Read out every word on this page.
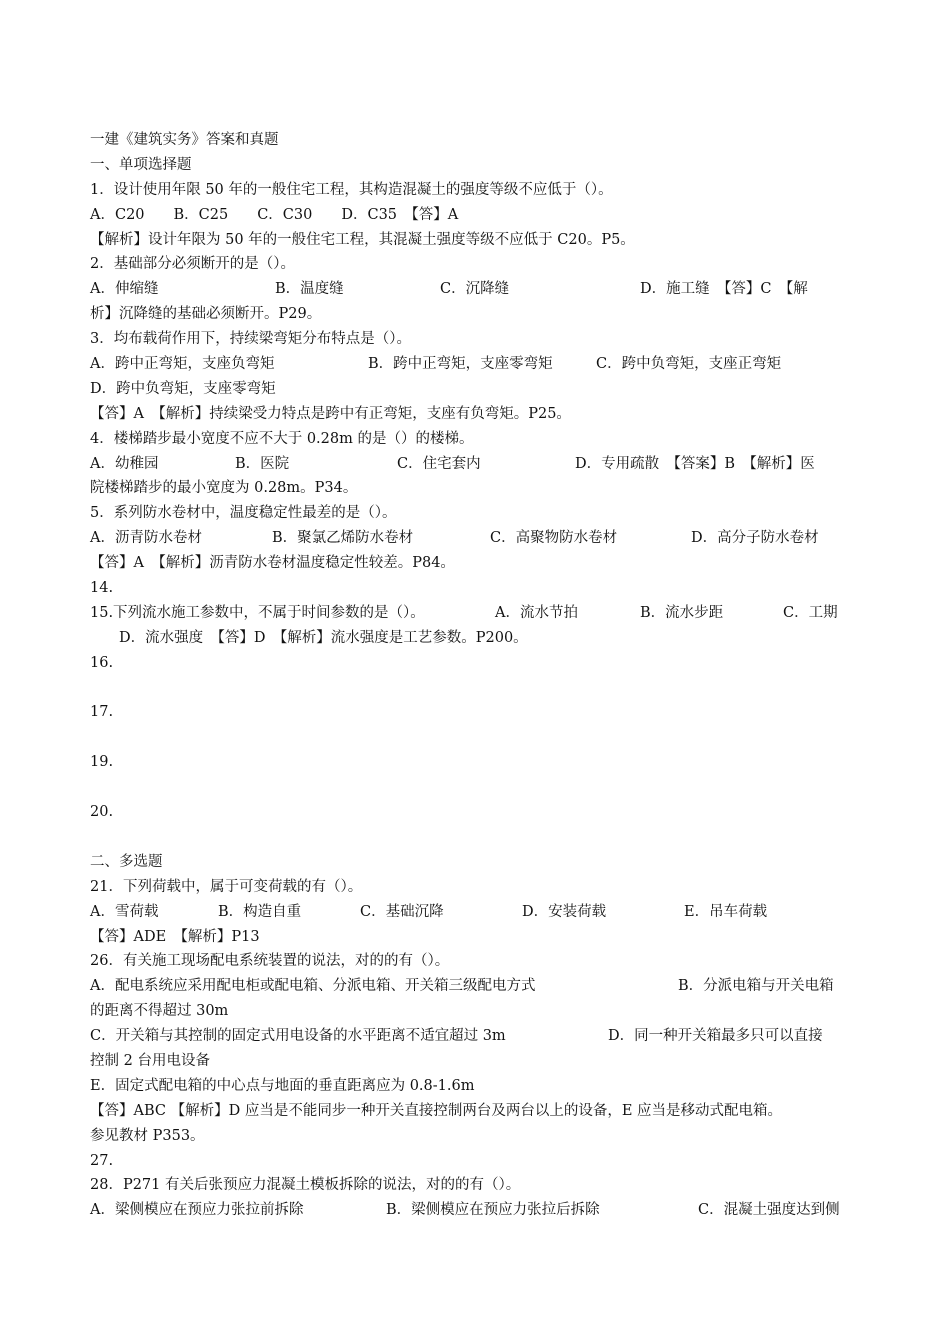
一建《建筑实务》答案和真题
一、单项选择题
1．设计使用年限 50 年的一般住宅工程，其构造混凝土的强度等级不应低于（）。
A．C20　　B．C25　　C．C30　　D．C35　【答】A
【解析】设计年限为 50 年的一般住宅工程，其混凝土强度等级不应低于 C20。P5。
2．基础部分必须断开的是（）。
A．伸缩缝	B．温度缝	C．沉降缝	D．施工缝　【答】C　【解
析】沉降缝的基础必须断开。P29。
3．均布载荷作用下，持续梁弯矩分布特点是（）。
A．跨中正弯矩，支座负弯矩	B．跨中正弯矩，支座零弯矩	C．跨中负弯矩，支座正弯矩
D．跨中负弯矩，支座零弯矩
【答】A　【解析】持续梁受力特点是跨中有正弯矩，支座有负弯矩。P25。
4．楼梯踏步最小宽度不应不大于 0.28m 的是（）的楼梯。
A．幼稚园	B．医院	C．住宅套内	D．专用疏散　【答案】B　【解析】医
院楼梯踏步的最小宽度为 0.28m。P34。
5．系列防水卷材中，温度稳定性最差的是（）。
A．沥青防水卷材	B．聚氯乙烯防水卷材	C．高聚物防水卷材	D．高分子防水卷材
【答】A　【解析】沥青防水卷材温度稳定性较差。P84。
14.
15.下列流水施工参数中，不属于时间参数的是（）。	A．流水节拍	B．流水步距	C．工期
　　D．流水强度　【答】D　【解析】流水强度是工艺参数。P200。
16.
17.
19.
20.
二、多选题
21．下列荷载中，属于可变荷载的有（）。
A．雪荷载	B．构造自重	C．基础沉降	D．安装荷载	E．吊车荷载
【答】ADE　【解析】P13
26．有关施工现场配电系统装置的说法，对的的有（）。
A．配电系统应采用配电柜或配电箱、分派电箱、开关箱三级配电方式	B．分派电箱与开关电箱
的距离不得超过 30m
C．开关箱与其控制的固定式用电设备的水平距离不适宜超过 3m	D．同一种开关箱最多只可以直接
控制 2 台用电设备
E．固定式配电箱的中心点与地面的垂直距离应为 0.8-1.6m
【答】ABC 【解析】D 应当是不能同步一种开关直接控制两台及两台以上的设备，E 应当是移动式配电箱。
参见教材 P353。
27.
28．P271 有关后张预应力混凝土模板拆除的说法，对的的有（）。
A．梁侧模应在预应力张拉前拆除	B．梁侧模应在预应力张拉后拆除	C．混凝土强度达到侧
